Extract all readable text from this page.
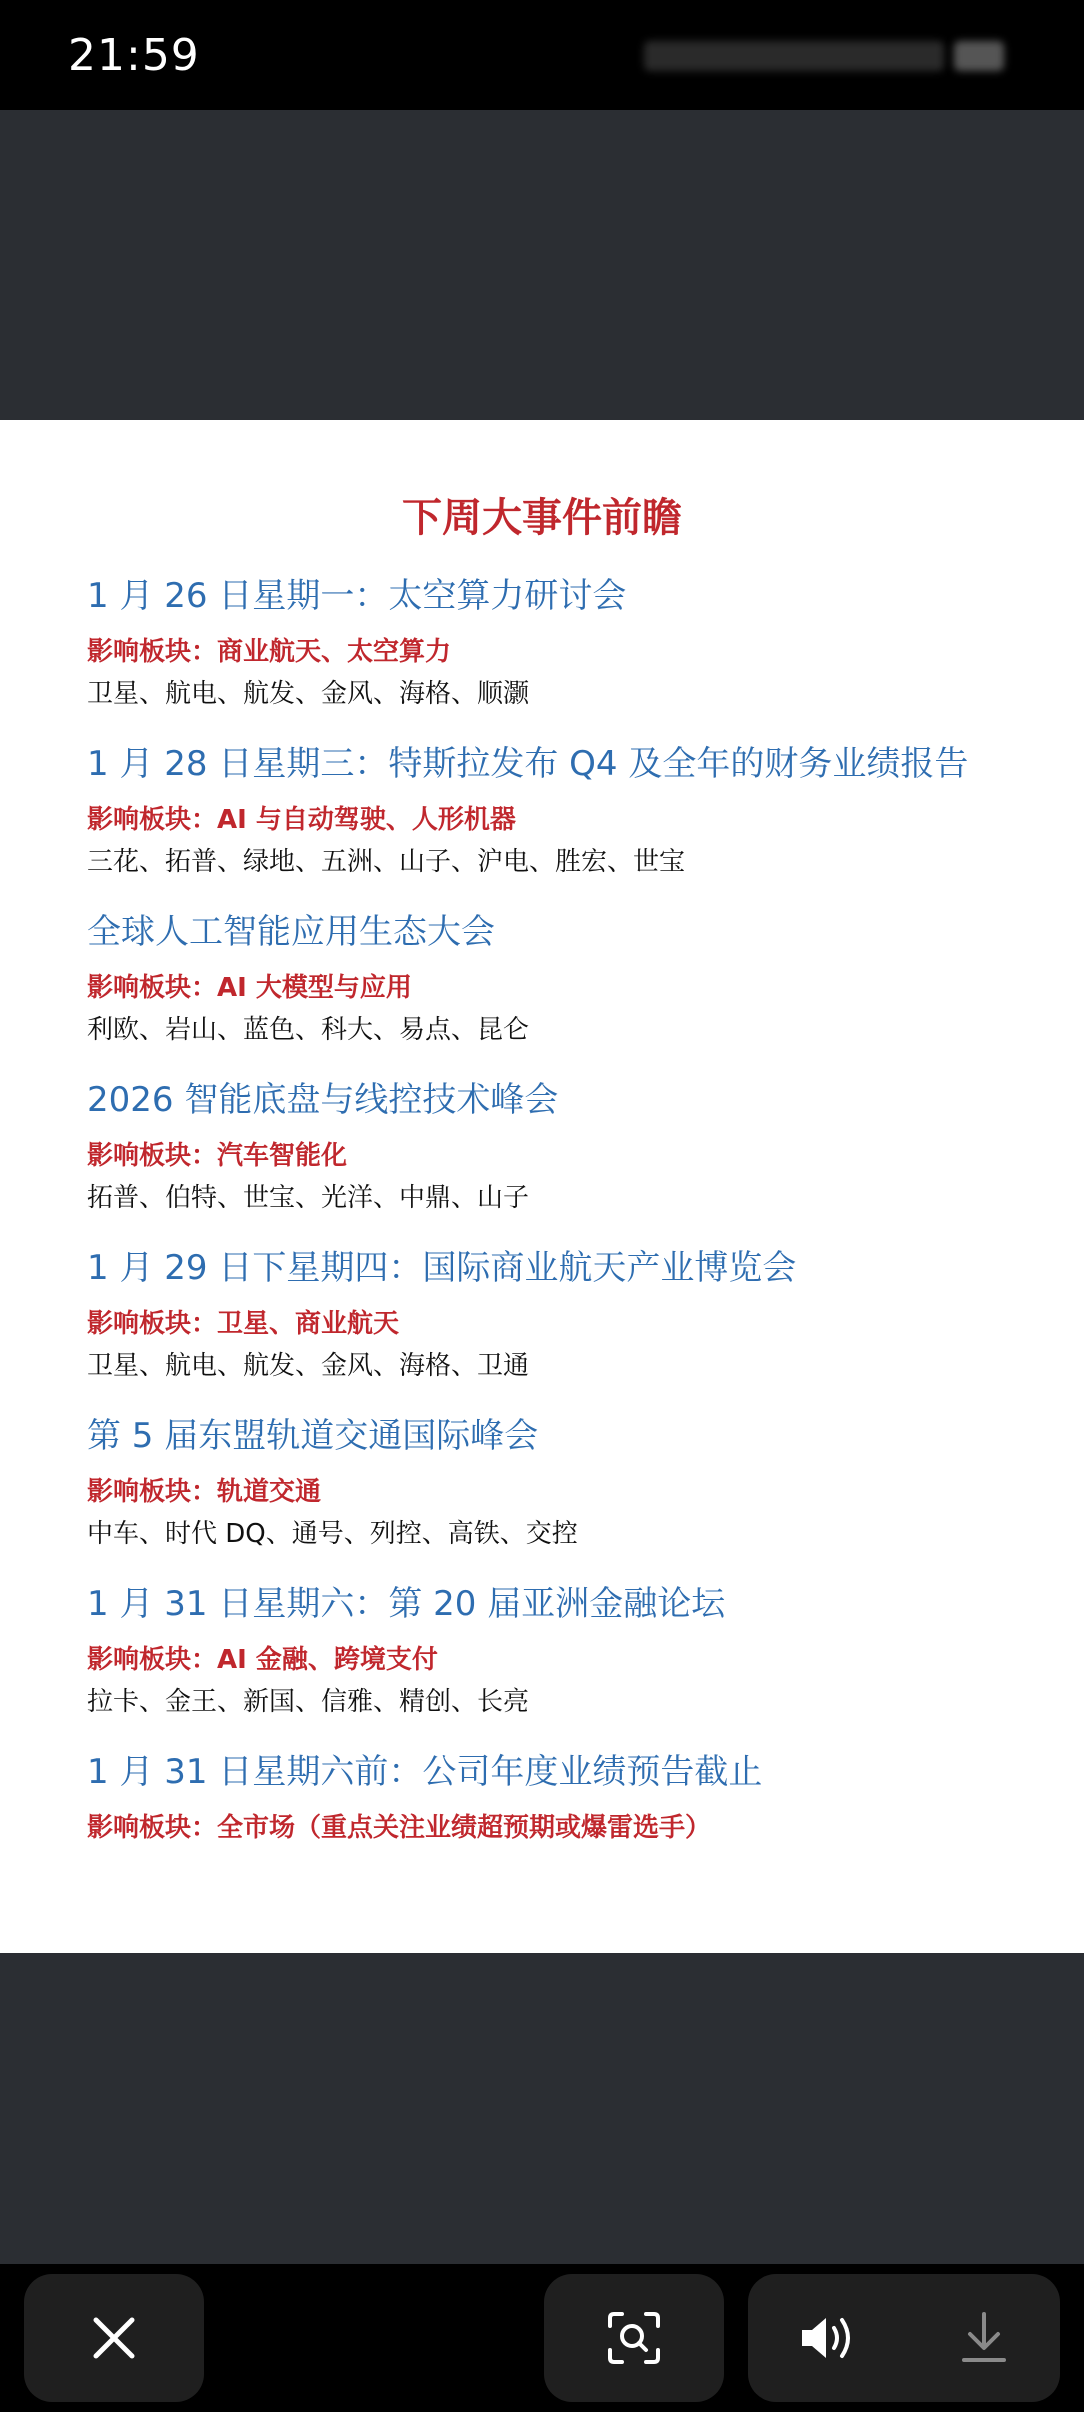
21:59
下周大事件前瞻
1 月 26 日星期一：太空算力研讨会
影响板块：商业航天、太空算力
卫星、航电、航发、金风、海格、顺灏
1 月 28 日星期三：特斯拉发布 Q4 及全年的财务业绩报告
影响板块：AI 与自动驾驶、人形机器
三花、拓普、绿地、五洲、山子、沪电、胜宏、世宝
全球人工智能应用生态大会
影响板块：AI 大模型与应用
利欧、岩山、蓝色、科大、易点、昆仑
2026 智能底盘与线控技术峰会
影响板块：汽车智能化
拓普、伯特、世宝、光洋、中鼎、山子
1 月 29 日下星期四：国际商业航天产业博览会
影响板块：卫星、商业航天
卫星、航电、航发、金风、海格、卫通
第 5 届东盟轨道交通国际峰会
影响板块：轨道交通
中车、时代 DQ、通号、列控、高铁、交控
1 月 31 日星期六：第 20 届亚洲金融论坛
影响板块：AI 金融、跨境支付
拉卡、金王、新国、信雅、精创、长亮
1 月 31 日星期六前：公司年度业绩预告截止
影响板块：全市场（重点关注业绩超预期或爆雷选手）
